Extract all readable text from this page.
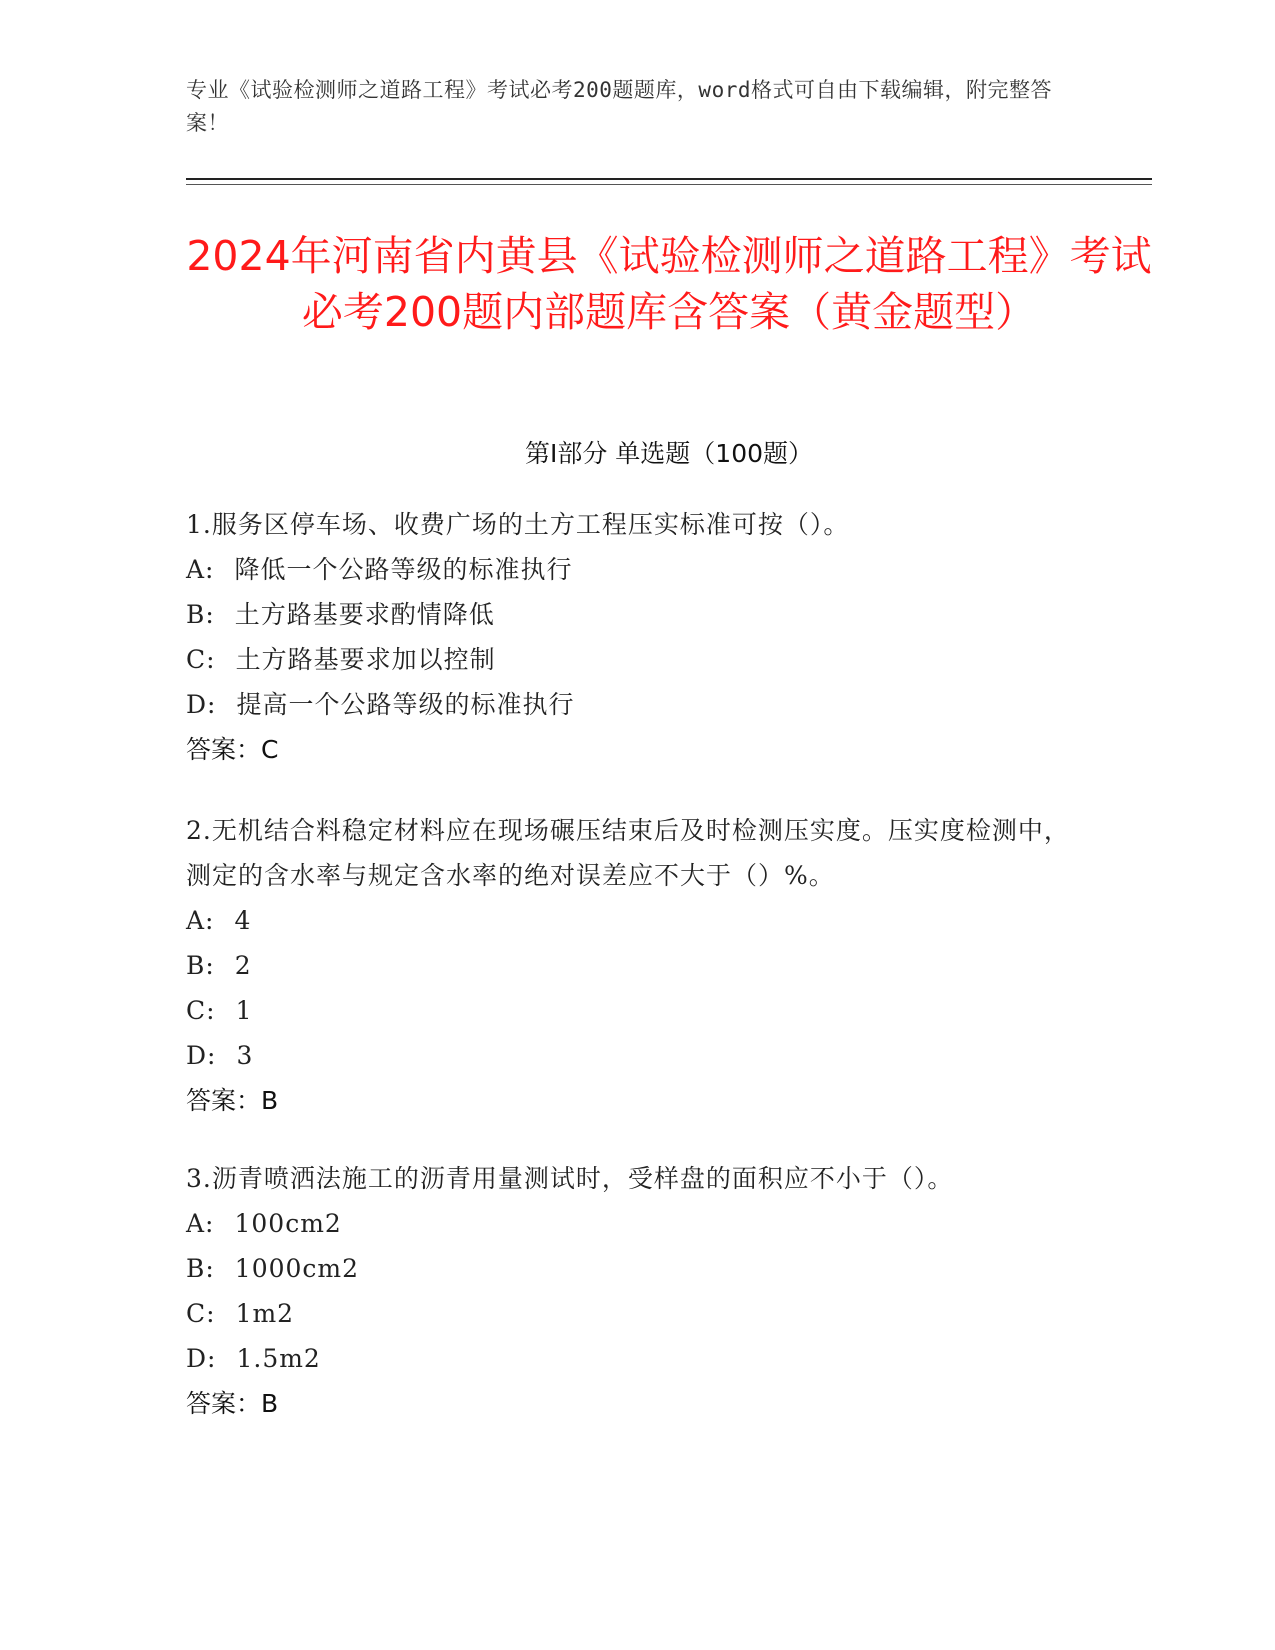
专业《试验检测师之道路工程》考试必考200题题库，word格式可自由下载编辑，附完整答案！
2024年河南省内黄县《试验检测师之道路工程》考试必考200题内部题库含答案（黄金题型）
第I部分 单选题（100题）
1.服务区停车场、收费广场的土方工程压实标准可按（）。
A: 降低一个公路等级的标准执行
B: 土方路基要求酌情降低
C: 土方路基要求加以控制
D: 提高一个公路等级的标准执行
答案：C
2.无机结合料稳定材料应在现场碾压结束后及时检测压实度。压实度检测中，测定的含水率与规定含水率的绝对误差应不大于（）%。
A: 4
B: 2
C: 1
D: 3
答案：B
3.沥青喷洒法施工的沥青用量测试时，受样盘的面积应不小于（）。
A: 100cm2
B: 1000cm2
C: 1m2
D: 1.5m2
答案：B
